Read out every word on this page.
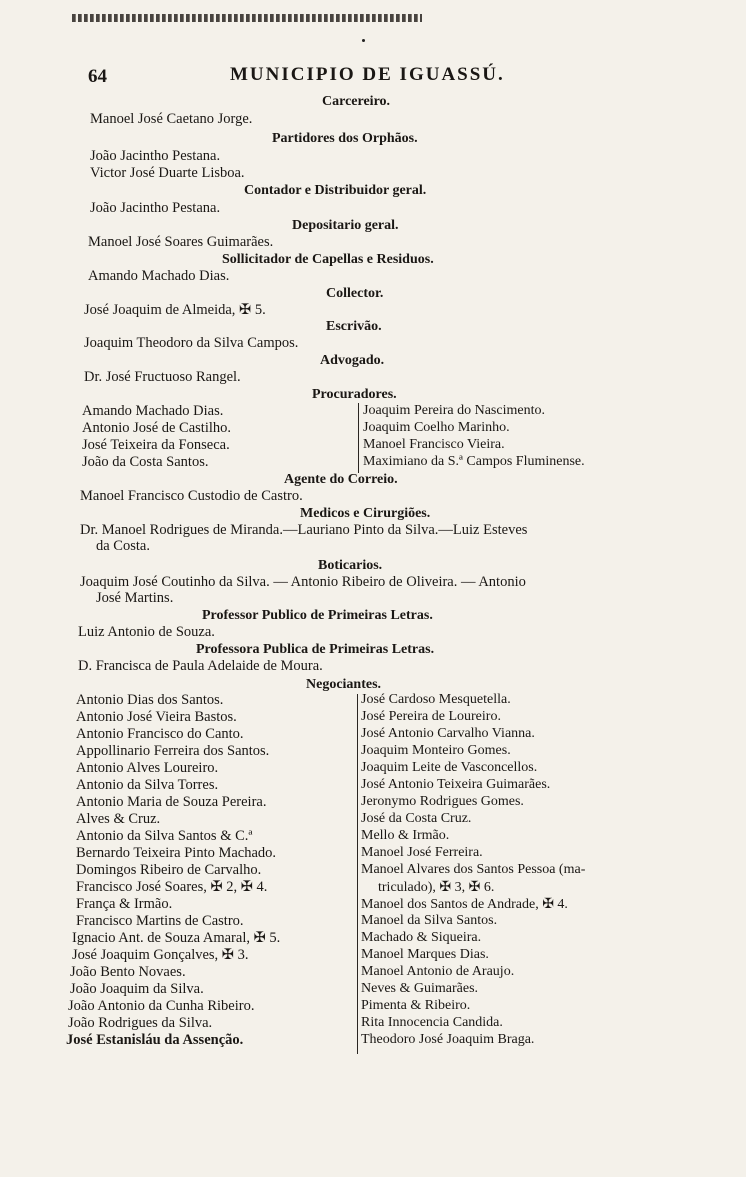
64	MUNICIPIO DE IGUASSÚ.
Carcereiro.
Manoel José Caetano Jorge.
Partidores dos Orphãos.
João Jacintho Pestana.
Victor José Duarte Lisboa.
Contador e Distribuidor geral.
João Jacintho Pestana.
Depositario geral.
Manoel José Soares Guimarães.
Sollicitador de Capellas e Residuos.
Amando Machado Dias.
Collector.
José Joaquim de Almeida, ✠ 5.
Escrivão.
Joaquim Theodoro da Silva Campos.
Advogado.
Dr. José Fructuoso Rangel.
Procuradores.
Amando Machado Dias.
Antonio José de Castilho.
José Teixeira da Fonseca.
João da Costa Santos.
Joaquim Pereira do Nascimento.
Joaquim Coelho Marinho.
Manoel Francisco Vieira.
Maximiano da S.ª Campos Fluminense.
Agente do Correio.
Manoel Francisco Custodio de Castro.
Medicos e Cirurgiões.
Dr. Manoel Rodrigues de Miranda.—Lauriano Pinto da Silva.—Luiz Esteves
da Costa.
Boticarios.
Joaquim José Coutinho da Silva. — Antonio Ribeiro de Oliveira. — Antonio
José Martins.
Professor Publico de Primeiras Letras.
Luiz Antonio de Souza.
Professora Publica de Primeiras Letras.
D. Francisca de Paula Adelaide de Moura.
Negociantes.
Antonio Dias dos Santos.
Antonio José Vieira Bastos.
Antonio Francisco do Canto.
Appollinario Ferreira dos Santos.
Antonio Alves Loureiro.
Antonio da Silva Torres.
Antonio Maria de Souza Pereira.
Alves & Cruz.
Antonio da Silva Santos & C.ª
Bernardo Teixeira Pinto Machado.
Domingos Ribeiro de Carvalho.
Francisco José Soares, ✠ 2, ✠ 4.
França & Irmão.
Francisco Martins de Castro.
Ignacio Ant. de Souza Amaral, ✠ 5.
José Joaquim Gonçalves, ✠ 3.
João Bento Novaes.
João Joaquim da Silva.
João Antonio da Cunha Ribeiro.
João Rodrigues da Silva.
José Estanisláu da Assenção.
José Cardoso Mesquetella.
José Pereira de Loureiro.
José Antonio Carvalho Vianna.
Joaquim Monteiro Gomes.
Joaquim Leite de Vasconcellos.
José Antonio Teixeira Guimarães.
Jeronymo Rodrigues Gomes.
José da Costa Cruz.
Mello & Irmão.
Manoel José Ferreira.
Manoel Alvares dos Santos Pessoa (ma-
triculado), ✠ 3, ✠ 6.
Manoel dos Santos de Andrade, ✠ 4.
Manoel da Silva Santos.
Machado & Siqueira.
Manoel Marques Dias.
Manoel Antonio de Araujo.
Neves & Guimarães.
Pimenta & Ribeiro.
Rita Innocencia Candida.
Theodoro José Joaquim Braga.
